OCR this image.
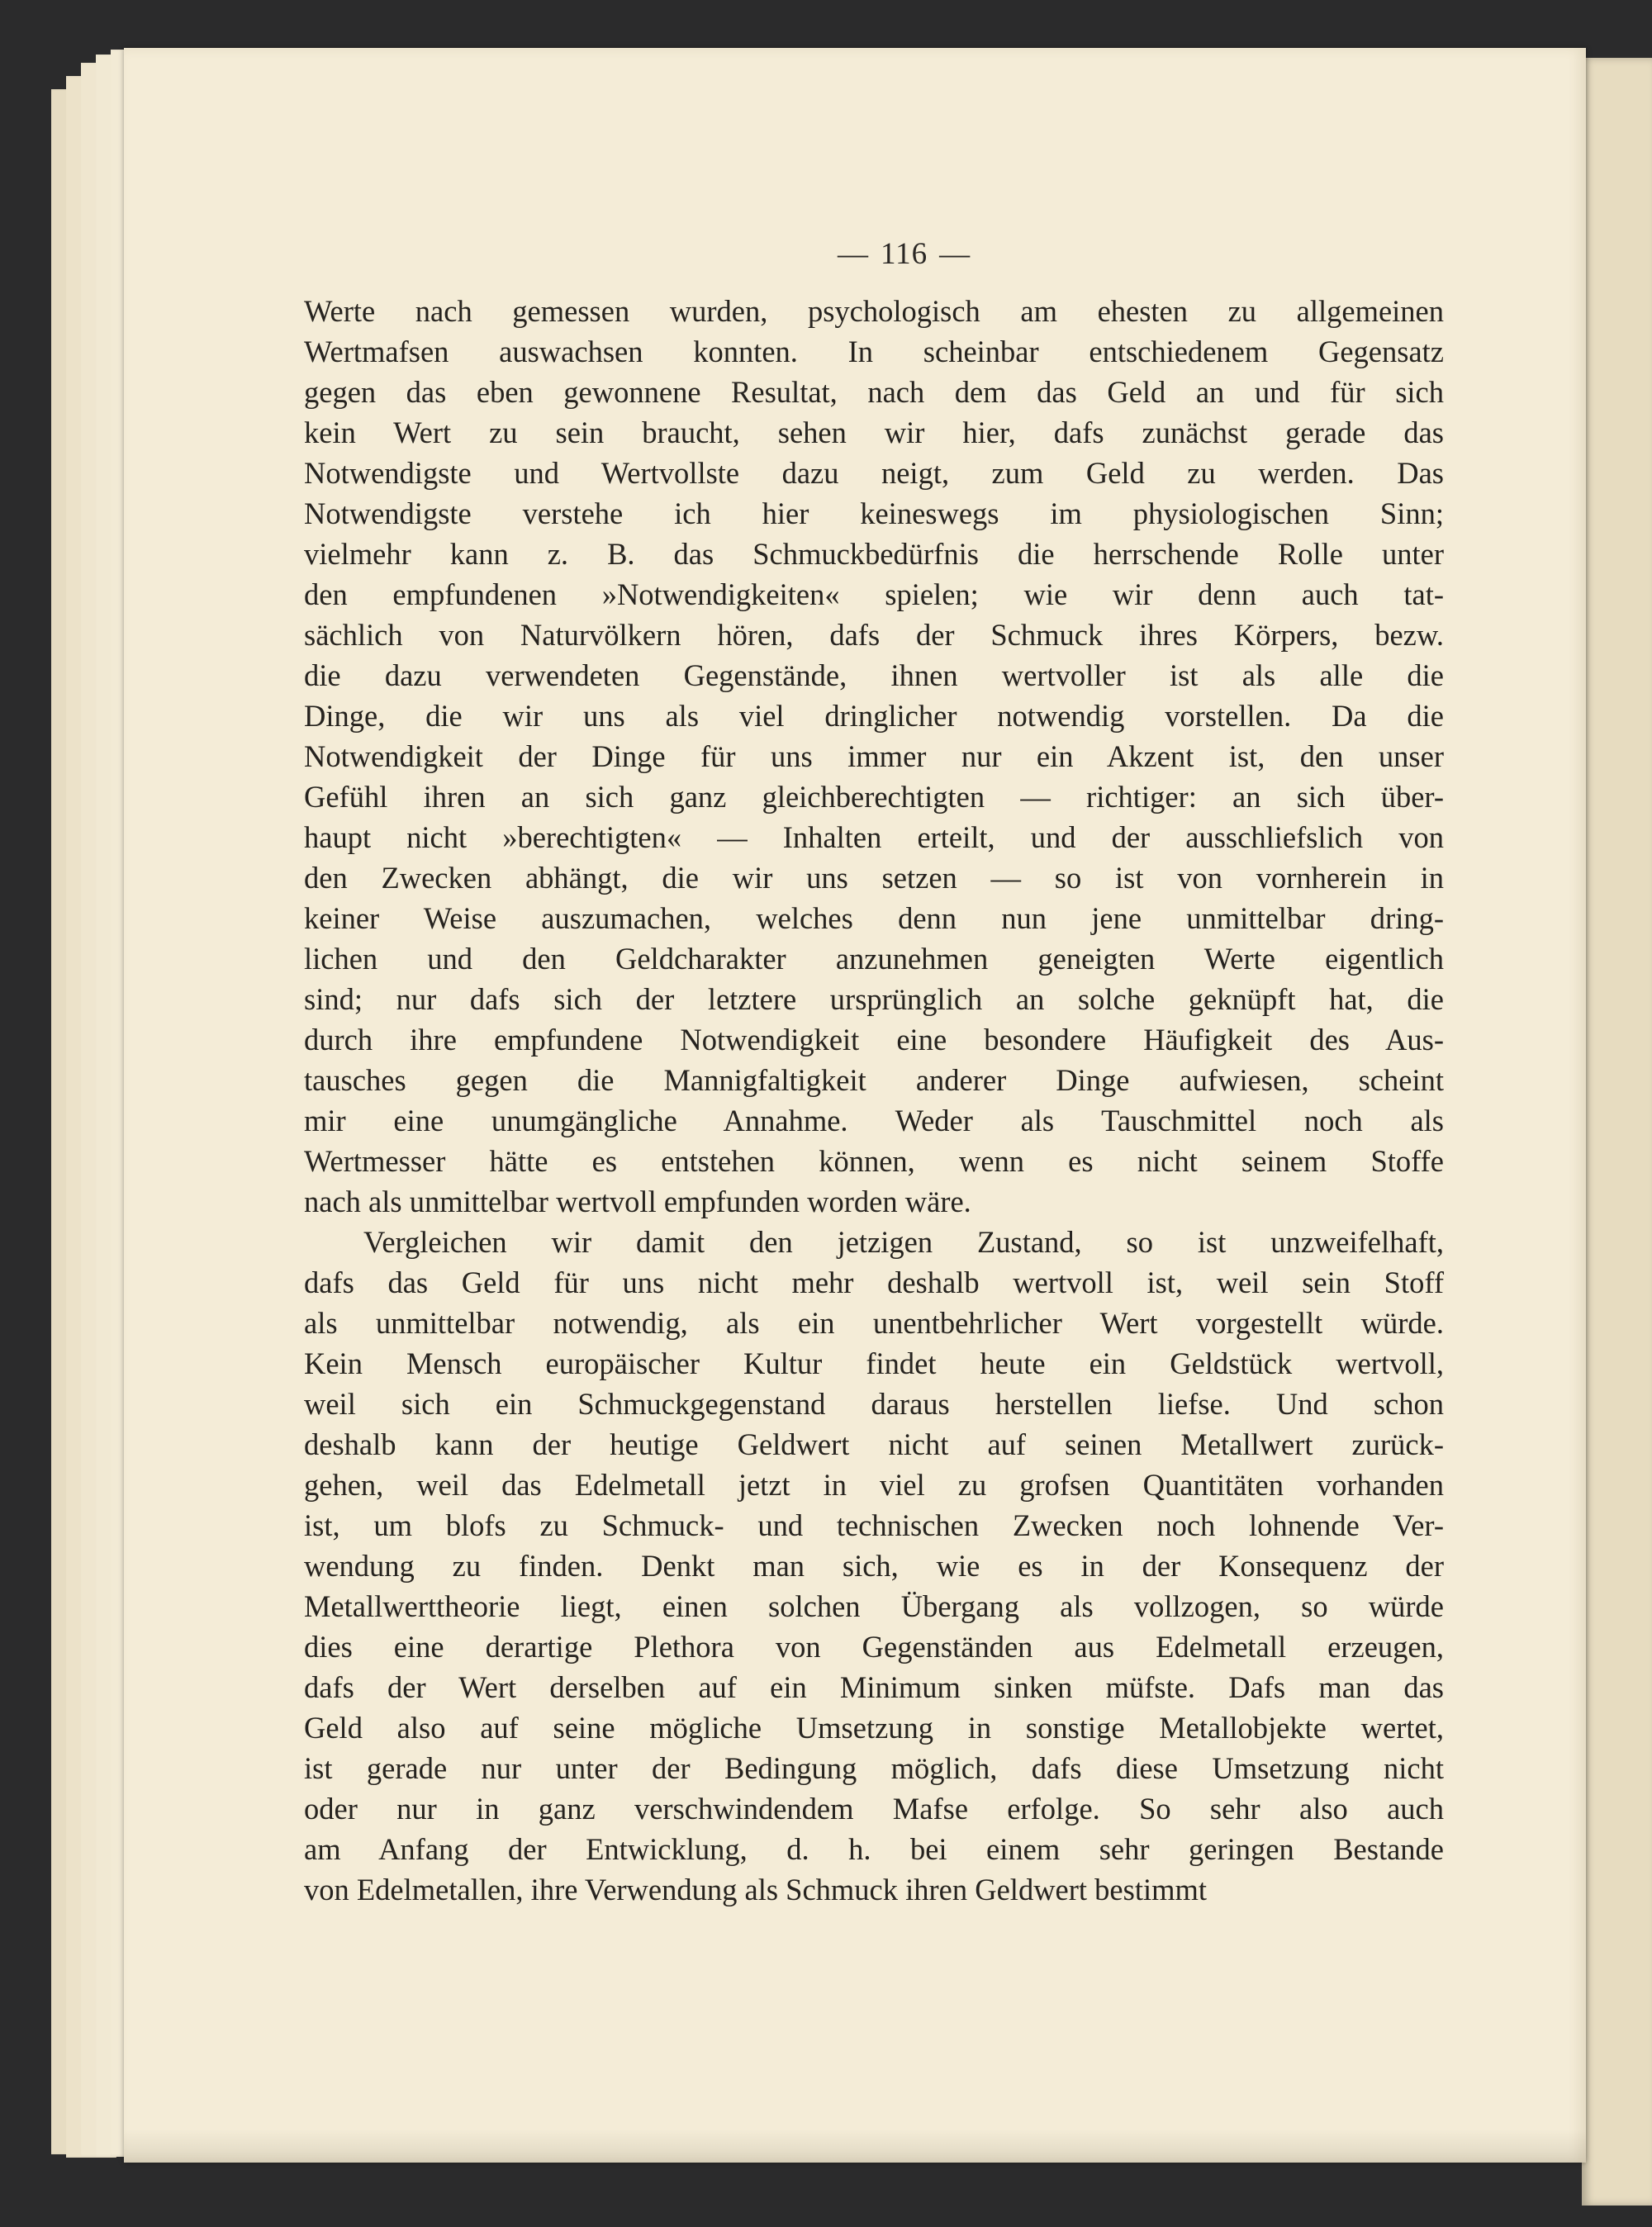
— 116 —
Werte nach gemessen wurden, psychologisch am ehesten zu allgemeinen
Wertmafsen auswachsen konnten. In scheinbar entschiedenem Gegensatz
gegen das eben gewonnene Resultat, nach dem das Geld an und für sich
kein Wert zu sein braucht, sehen wir hier, dafs zunächst gerade das
Notwendigste und Wertvollste dazu neigt, zum Geld zu werden. Das
Notwendigste verstehe ich hier keineswegs im physiologischen Sinn;
vielmehr kann z. B. das Schmuckbedürfnis die herrschende Rolle unter
den empfundenen »Notwendigkeiten« spielen; wie wir denn auch tat-
sächlich von Naturvölkern hören, dafs der Schmuck ihres Körpers, bezw.
die dazu verwendeten Gegenstände, ihnen wertvoller ist als alle die
Dinge, die wir uns als viel dringlicher notwendig vorstellen. Da die
Notwendigkeit der Dinge für uns immer nur ein Akzent ist, den unser
Gefühl ihren an sich ganz gleichberechtigten — richtiger: an sich über-
haupt nicht »berechtigten« — Inhalten erteilt, und der ausschliefslich von
den Zwecken abhängt, die wir uns setzen — so ist von vornherein in
keiner Weise auszumachen, welches denn nun jene unmittelbar dring-
lichen und den Geldcharakter anzunehmen geneigten Werte eigentlich
sind; nur dafs sich der letztere ursprünglich an solche geknüpft hat, die
durch ihre empfundene Notwendigkeit eine besondere Häufigkeit des Aus-
tausches gegen die Mannigfaltigkeit anderer Dinge aufwiesen, scheint
mir eine unumgängliche Annahme. Weder als Tauschmittel noch als
Wertmesser hätte es entstehen können, wenn es nicht seinem Stoffe
nach als unmittelbar wertvoll empfunden worden wäre.
Vergleichen wir damit den jetzigen Zustand, so ist unzweifelhaft,
dafs das Geld für uns nicht mehr deshalb wertvoll ist, weil sein Stoff
als unmittelbar notwendig, als ein unentbehrlicher Wert vorgestellt würde.
Kein Mensch europäischer Kultur findet heute ein Geldstück wertvoll,
weil sich ein Schmuckgegenstand daraus herstellen liefse. Und schon
deshalb kann der heutige Geldwert nicht auf seinen Metallwert zurück-
gehen, weil das Edelmetall jetzt in viel zu grofsen Quantitäten vorhanden
ist, um blofs zu Schmuck- und technischen Zwecken noch lohnende Ver-
wendung zu finden. Denkt man sich, wie es in der Konsequenz der
Metallwerttheorie liegt, einen solchen Übergang als vollzogen, so würde
dies eine derartige Plethora von Gegenständen aus Edelmetall erzeugen,
dafs der Wert derselben auf ein Minimum sinken müfste. Dafs man das
Geld also auf seine mögliche Umsetzung in sonstige Metallobjekte wertet,
ist gerade nur unter der Bedingung möglich, dafs diese Umsetzung nicht
oder nur in ganz verschwindendem Mafse erfolge. So sehr also auch
am Anfang der Entwicklung, d. h. bei einem sehr geringen Bestande
von Edelmetallen, ihre Verwendung als Schmuck ihren Geldwert bestimmt
